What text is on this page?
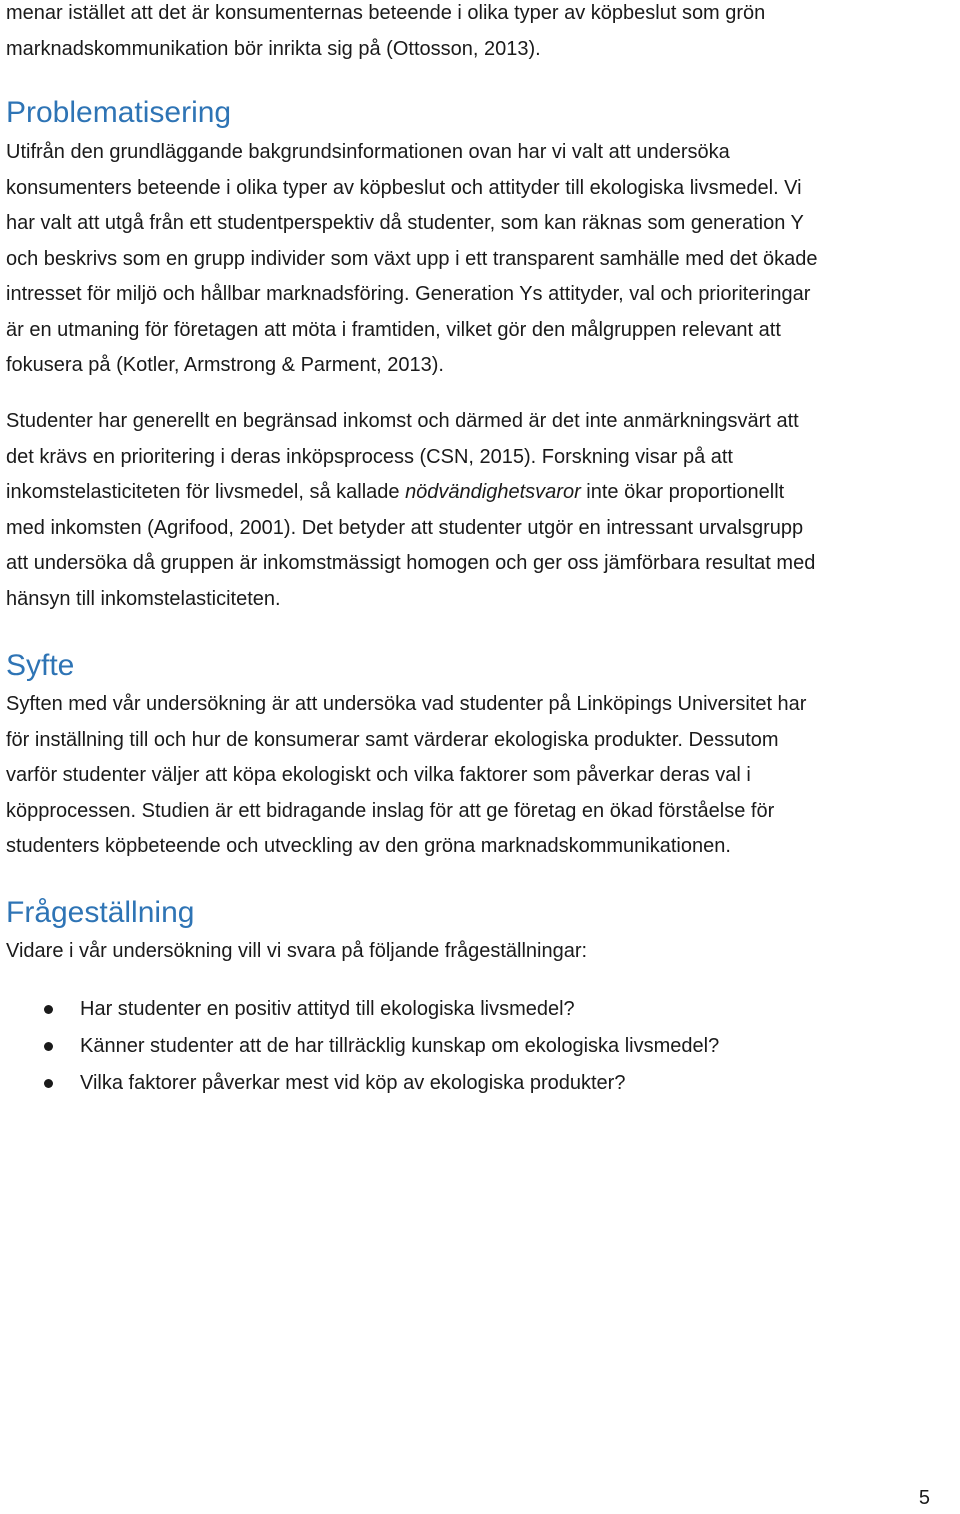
menar istället att det är konsumenternas beteende i olika typer av köpbeslut som grön

marknadskommunikation bör inrikta sig på (Ottosson, 2013).

Problematisering

Utifrån den grundläggande bakgrundsinformationen ovan har vi valt att undersöka

konsumenters beteende i olika typer av köpbeslut och attityder till ekologiska livsmedel. Vi

har valt att utgå från ett studentperspektiv då studenter, som kan räknas som generation Y

och beskrivs som en grupp individer som växt upp i ett transparent samhälle med det ökade

intresset för miljö och hållbar marknadsföring. Generation Ys attityder, val och prioriteringar

är en utmaning för företagen att möta i framtiden, vilket gör den målgruppen relevant att

fokusera på (Kotler, Armstrong & Parment, 2013).

Studenter har generellt en begränsad inkomst och därmed är det inte anmärkningsvärt att

det krävs en prioritering i deras inköpsprocess (CSN, 2015). Forskning visar på att

inkomstelasticiteten för livsmedel, så kallade nödvändighetsvaror inte ökar proportionellt

med inkomsten (Agrifood, 2001). Det betyder att studenter utgör en intressant urvalsgrupp

att undersöka då gruppen är inkomstmässigt homogen och ger oss jämförbara resultat med

hänsyn till inkomstelasticiteten.

Syfte

Syften med vår undersökning är att undersöka vad studenter på Linköpings Universitet har

för inställning till och hur de konsumerar samt värderar ekologiska produkter. Dessutom

varför studenter väljer att köpa ekologiskt och vilka faktorer som påverkar deras val i

köpprocessen. Studien är ett bidragande inslag för att ge företag en ökad förståelse för

studenters köpbeteende och utveckling av den gröna marknadskommunikationen.

Frågeställning

Vidare i vår undersökning vill vi svara på följande frågeställningar:

Har studenter en positiv attityd till ekologiska livsmedel?
Känner studenter att de har tillräcklig kunskap om ekologiska livsmedel?
Vilka faktorer påverkar mest vid köp av ekologiska produkter?
5
